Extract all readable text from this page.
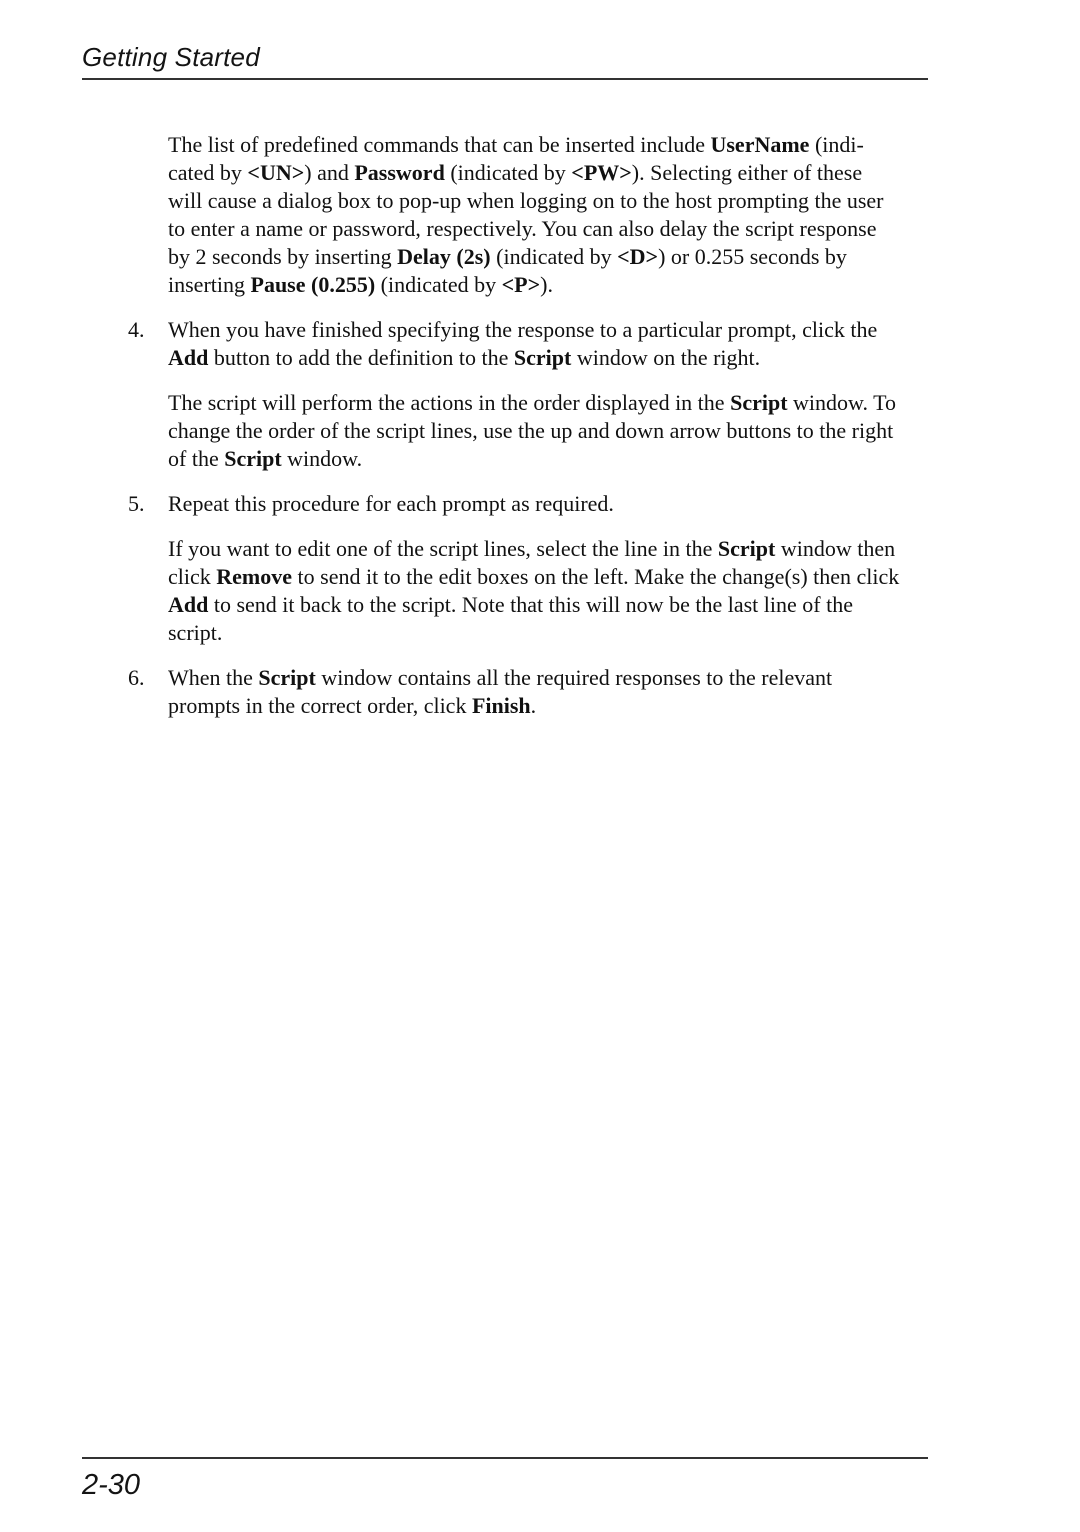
Getting Started
The list of predefined commands that can be inserted include UserName (indi-
cated by <UN>) and Password (indicated by <PW>). Selecting either of these
will cause a dialog box to pop-up when logging on to the host prompting the user
to enter a name or password, respectively. You can also delay the script response
by 2 seconds by inserting Delay (2s) (indicated by <D>) or 0.255 seconds by
inserting Pause (0.255) (indicated by <P>).
4. When you have finished specifying the response to a particular prompt, click the
Add button to add the definition to the Script window on the right.
The script will perform the actions in the order displayed in the Script window. To
change the order of the script lines, use the up and down arrow buttons to the right
of the Script window.
5. Repeat this procedure for each prompt as required.
If you want to edit one of the script lines, select the line in the Script window then
click Remove to send it to the edit boxes on the left. Make the change(s) then click
Add to send it back to the script. Note that this will now be the last line of the
script.
6. When the Script window contains all the required responses to the relevant
prompts in the correct order, click Finish.
2-30
